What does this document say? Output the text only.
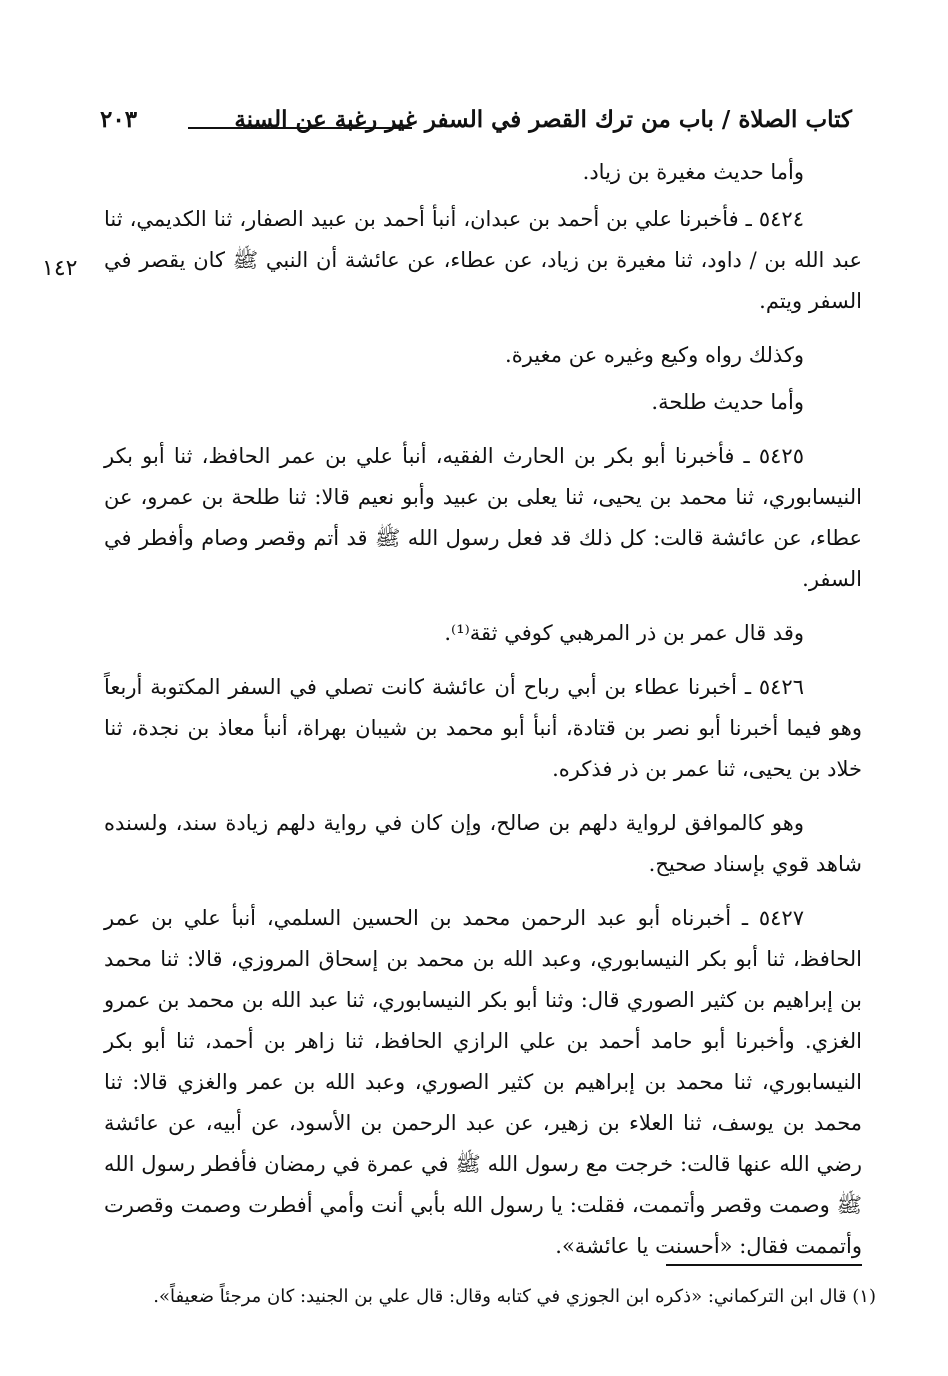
كتاب الصلاة / باب من ترك القصر في السفر غير رغبة عن السنة
٢٠٣
١٤٢

وأما حديث مغيرة بن زياد.

٥٤٢٤ ـ فأخبرنا علي بن أحمد بن عبدان، أنبأ أحمد بن عبيد الصفار، ثنا الكديمي، ثنا عبد الله بن / داود، ثنا مغيرة بن زياد، عن عطاء، عن عائشة أن النبي ﷺ كان يقصر في السفر ويتم.

وكذلك رواه وكيع وغيره عن مغيرة.

وأما حديث طلحة.

٥٤٢٥ ـ فأخبرنا أبو بكر بن الحارث الفقيه، أنبأ علي بن عمر الحافظ، ثنا أبو بكر النيسابوري، ثنا محمد بن يحيى، ثنا يعلى بن عبيد وأبو نعيم قالا: ثنا طلحة بن عمرو، عن عطاء، عن عائشة قالت: كل ذلك قد فعل رسول الله ﷺ قد أتم وقصر وصام وأفطر في السفر.

وقد قال عمر بن ذر المرهبي كوفي ثقة⁽¹⁾.

٥٤٢٦ ـ أخبرنا عطاء بن أبي رباح أن عائشة كانت تصلي في السفر المكتوبة أربعاً وهو فيما أخبرنا أبو نصر بن قتادة، أنبأ أبو محمد بن شيبان بهراة، أنبأ معاذ بن نجدة، ثنا خلاد بن يحيى، ثنا عمر بن ذر فذكره.

وهو كالموافق لرواية دلهم بن صالح، وإن كان في رواية دلهم زيادة سند، ولسنده شاهد قوي بإسناد صحيح.

٥٤٢٧ ـ أخبرناه أبو عبد الرحمن محمد بن الحسين السلمي، أنبأ علي بن عمر الحافظ، ثنا أبو بكر النيسابوري، وعبد الله بن محمد بن إسحاق المروزي، قالا: ثنا محمد بن إبراهيم بن كثير الصوري قال: وثنا أبو بكر النيسابوري، ثنا عبد الله بن محمد بن عمرو الغزي. وأخبرنا أبو حامد أحمد بن علي الرازي الحافظ، ثنا زاهر بن أحمد، ثنا أبو بكر النيسابوري، ثنا محمد بن إبراهيم بن كثير الصوري، وعبد الله بن عمر والغزي قالا: ثنا محمد بن يوسف، ثنا العلاء بن زهير، عن عبد الرحمن بن الأسود، عن أبيه، عن عائشة رضي الله عنها قالت: خرجت مع رسول الله ﷺ في عمرة في رمضان فأفطر رسول الله ﷺ وصمت وقصر وأتممت، فقلت: يا رسول الله بأبي أنت وأمي أفطرت وصمت وقصرت وأتممت فقال: «أحسنت يا عائشة».

(١) قال ابن التركماني: «ذكره ابن الجوزي في كتابه وقال: قال علي بن الجنيد: كان مرجئاً ضعيفاً».
